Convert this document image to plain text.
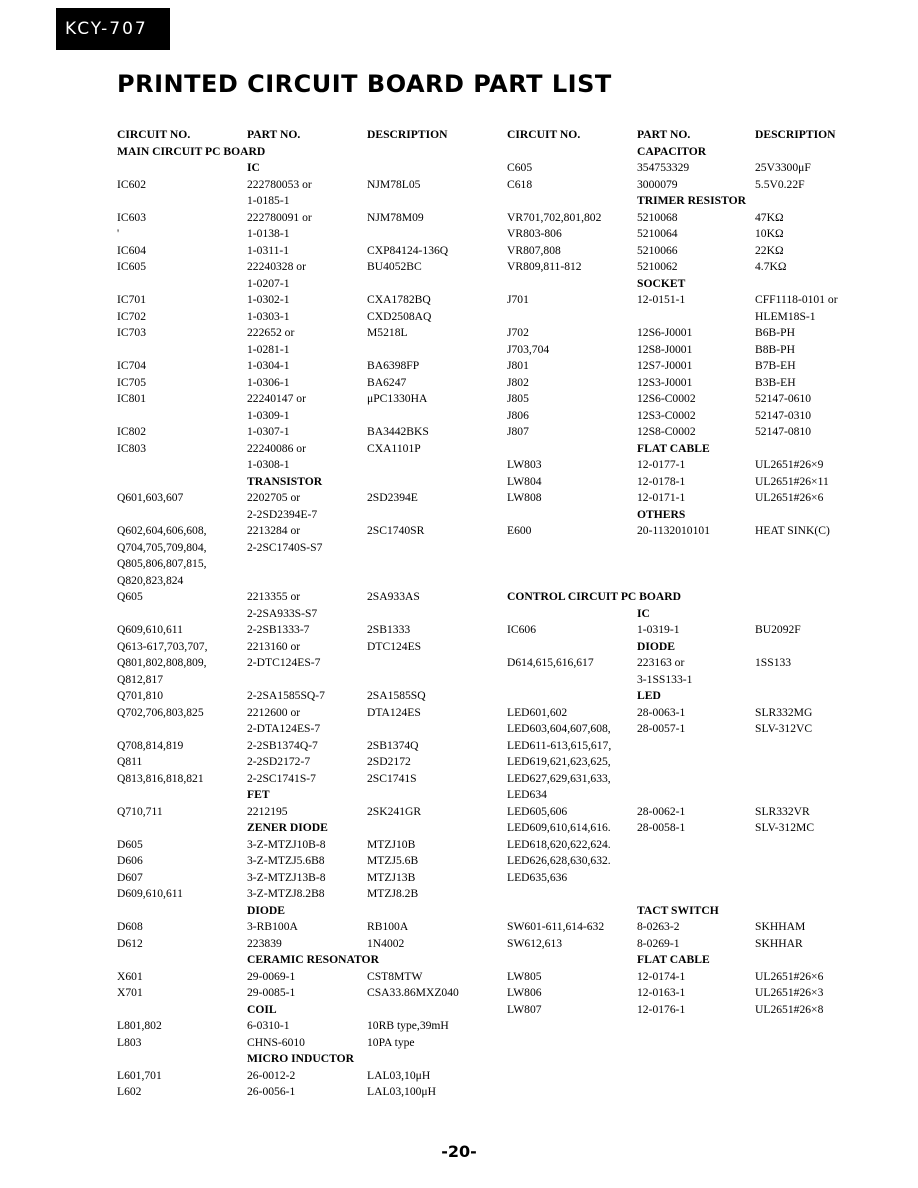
KCY-707
PRINTED CIRCUIT BOARD PART LIST
CIRCUIT NO.	PART NO.	DESCRIPTION
MAIN CIRCUIT PC BOARD
IC
IC602	222780053 or	NJM78L05
1-0185-1
IC603	222780091 or	NJM78M09
'	1-0138-1
IC604	1-0311-1	CXP84124-136Q
IC605	22240328 or	BU4052BC
1-0207-1
IC701	1-0302-1	CXA1782BQ
IC702	1-0303-1	CXD2508AQ
IC703	222652 or	M5218L
1-0281-1
IC704	1-0304-1	BA6398FP
IC705	1-0306-1	BA6247
IC801	22240147 or	μPC1330HA
1-0309-1
IC802	1-0307-1	BA3442BKS
IC803	22240086 or	CXA1101P
1-0308-1
TRANSISTOR
Q601,603,607	2202705 or	2SD2394E
2-2SD2394E-7
Q602,604,606,608,	2213284 or	2SC1740SR
Q704,705,709,804,	2-2SC1740S-S7
Q805,806,807,815,
Q820,823,824
Q605	2213355 or	2SA933AS
2-2SA933S-S7
Q609,610,611	2-2SB1333-7	2SB1333
Q613-617,703,707,	2213160 or	DTC124ES
Q801,802,808,809,	2-DTC124ES-7
Q812,817
Q701,810	2-2SA1585SQ-7	2SA1585SQ
Q702,706,803,825	2212600 or	DTA124ES
2-DTA124ES-7
Q708,814,819	2-2SB1374Q-7	2SB1374Q
Q811	2-2SD2172-7	2SD2172
Q813,816,818,821	2-2SC1741S-7	2SC1741S
FET
Q710,711	2212195	2SK241GR
ZENER DIODE
D605	3-Z-MTZJ10B-8	MTZJ10B
D606	3-Z-MTZJ5.6B8	MTZJ5.6B
D607	3-Z-MTZJ13B-8	MTZJ13B
D609,610,611	3-Z-MTZJ8.2B8	MTZJ8.2B
DIODE
D608	3-RB100A	RB100A
D612	223839	1N4002
CERAMIC RESONATOR
X601	29-0069-1	CST8MTW
X701	29-0085-1	CSA33.86MXZ040
COIL
L801,802	6-0310-1	10RB type,39mH
L803	CHNS-6010	10PA type
MICRO INDUCTOR
L601,701	26-0012-2	LAL03,10μH
L602	26-0056-1	LAL03,100μH
CIRCUIT NO.	PART NO.	DESCRIPTION
CAPACITOR
C605	354753329	25V3300μF
C618	3000079	5.5V0.22F
TRIMER RESISTOR
VR701,702,801,802	5210068	47KΩ
VR803-806	5210064	10KΩ
VR807,808	5210066	22KΩ
VR809,811-812	5210062	4.7KΩ
SOCKET
J701	12-0151-1	CFF1118-0101 or
HLEM18S-1
J702	12S6-J0001	B6B-PH
J703,704	12S8-J0001	B8B-PH
J801	12S7-J0001	B7B-EH
J802	12S3-J0001	B3B-EH
J805	12S6-C0002	52147-0610
J806	12S3-C0002	52147-0310
J807	12S8-C0002	52147-0810
FLAT CABLE
LW803	12-0177-1	UL2651#26×9
LW804	12-0178-1	UL2651#26×11
LW808	12-0171-1	UL2651#26×6
OTHERS
E600	20-1132010101	HEAT SINK(C)
CONTROL CIRCUIT PC BOARD
IC
IC606	1-0319-1	BU2092F
DIODE
D614,615,616,617	223163 or	1SS133
3-1SS133-1
LED
LED601,602	28-0063-1	SLR332MG
LED603,604,607,608, 28-0057-1	SLV-312VC
LED611-613,615,617,
LED619,621,623,625,
LED627,629,631,633,
LED634
LED605,606	28-0062-1	SLR332VR
LED609,610,614,616. 28-0058-1	SLV-312MC
LED618,620,622,624.
LED626,628,630,632.
LED635,636
TACT SWITCH
SW601-611,614-632	8-0263-2	SKHHAM
SW612,613	8-0269-1	SKHHAR
FLAT CABLE
LW805	12-0174-1	UL2651#26×6
LW806	12-0163-1	UL2651#26×3
LW807	12-0176-1	UL2651#26×8
-20-
